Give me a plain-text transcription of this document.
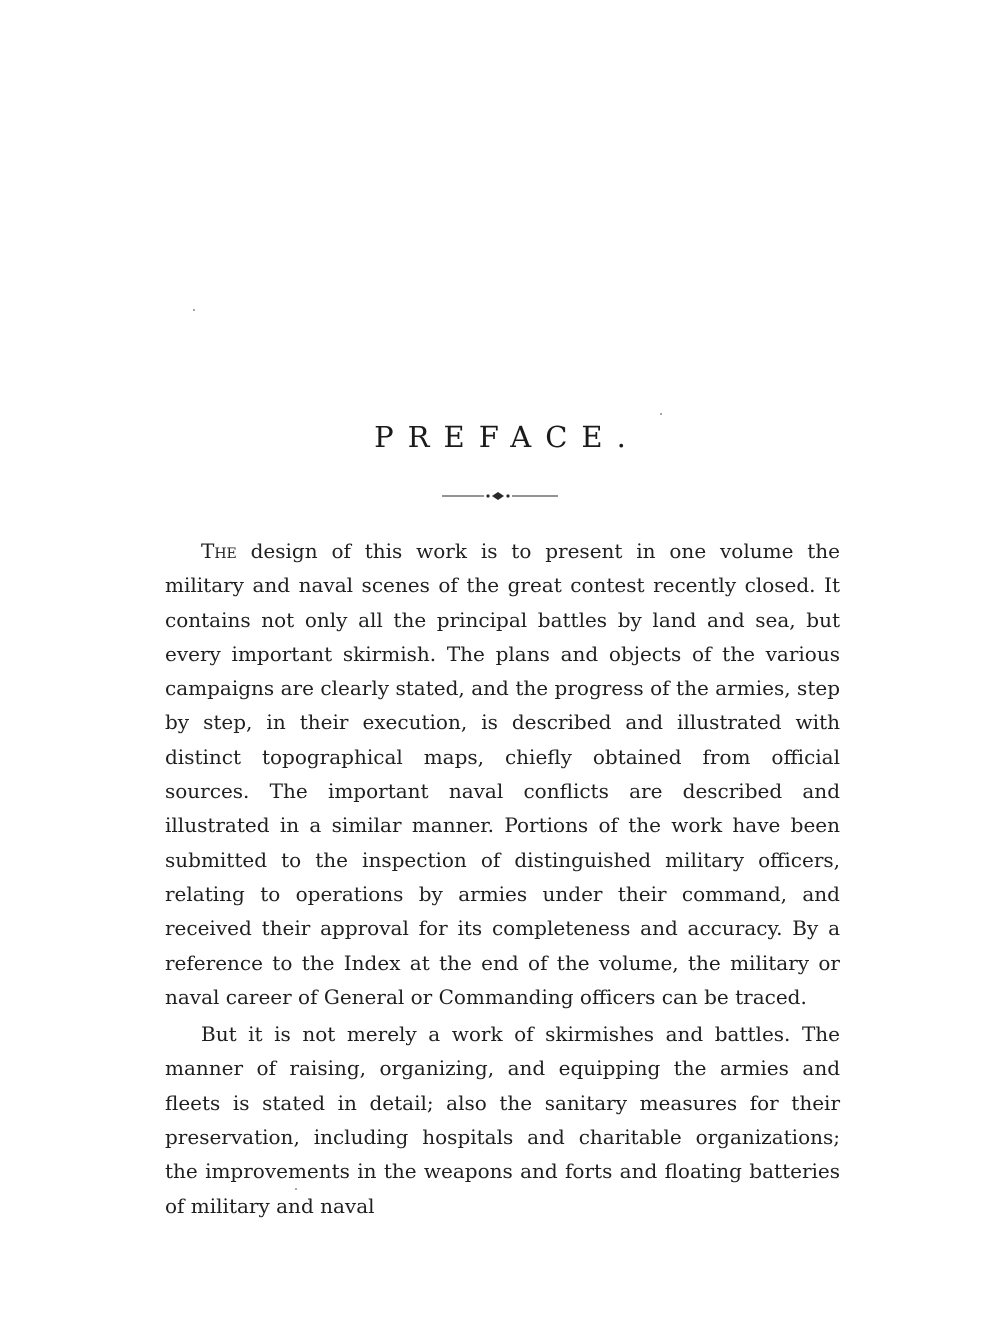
PREFACE.

The design of this work is to present in one volume the military and naval scenes of the great contest recently closed. It contains not only all the principal battles by land and sea, but every important skirmish. The plans and objects of the various campaigns are clearly stated, and the progress of the armies, step by step, in their execution, is described and illustrated with distinct topographical maps, chiefly obtained from official sources. The important naval conflicts are described and illustrated in a similar manner. Portions of the work have been submitted to the inspection of distinguished military officers, relating to operations by armies under their command, and received their approval for its completeness and accuracy. By a reference to the Index at the end of the volume, the military or naval career of General or Commanding officers can be traced.

But it is not merely a work of skirmishes and battles. The manner of raising, organizing, and equipping the armies and fleets is stated in detail; also the sanitary measures for their preservation, including hospitals and charitable organizations; the improvements in the weapons and forts and floating batteries of military and naval
